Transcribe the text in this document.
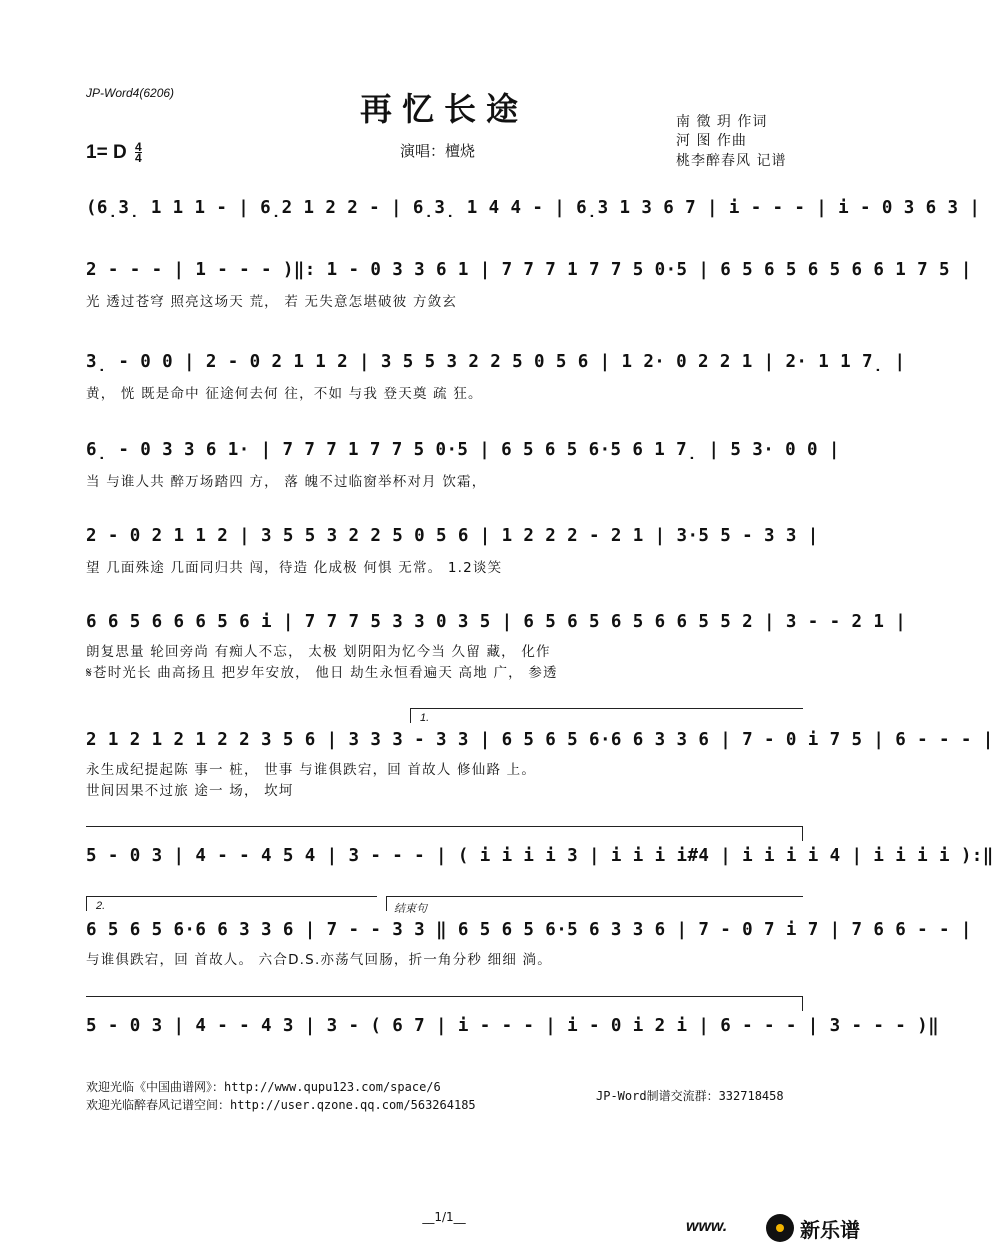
JP-Word4(6206)	再忆长途
1= D $\frac{4}{4}$	演唱：檀烧
南 徵 玥 作词
河 图 作曲
桃李醉春风 记谱
(6̣3̣ 1 1 1 - | 6̣2 1 2 2 - | 6̣3̣ 1 4 4 - | 6̣3 1 3 6 7 | i - - - | i - 0 3 6 3 |
2 - - - | 1 - - - )‖: 1 - 0 3 3 6 1 | 7 7 7 1 7 7 5 0·5 | 6 5 6 5 6 5 6 6 1 7 5 |
光 透过苍穹 照亮这场天 荒， 若 无失意怎堪破彼 方敛玄
3̣ - 0 0 | 2 - 0 2 1 1 2 | 3 5 5 3 2 2 5 0 5 6 | 1 2· 0 2 2 1 | 2· 1 1 7̣ |
黄， 恍 既是命中 征途何去何 往，不如 与我 登天奠 疏 狂。
6̣ - 0 3 3 6 1· | 7 7 7 1 7 7 5 0·5 | 6 5 6 5 6·5 6 1 7̣ | 5 3· 0 0 |
当 与谁人共 醉万场踏四 方， 落 魄不过临窗举杯对月 饮霜，
2 - 0 2 1 1 2 | 3 5 5 3 2 2 5 0 5 6 | 1 2 2 2 - 2 1 | 3·5 5 - 3 3 |
望 几面殊途 几面同归共 闯，待造 化成极 何惧 无常。 1.2谈笑
6 6 5 6 6 6 5 6 i | 7 7 7 5 3 3 0 3 5 | 6 5 6 5 6 5 6 6 5 5 2 | 3 - - 2 1 |
朗复思量 轮回旁尚 有痴人不忘， 太极 划阴阳为忆今当 久留 藏， 化作
𝄋苍时光长 曲高扬且 把岁年安放， 他日 劫生永恒看遍天 高地 广， 参透
1.
2 1 2 1 2 1 2 2 3 5 6 | 3 3 3 - 3 3 | 6 5 6 5 6·6 6 3 3 6 | 7 - 0 i 7 5 | 6 - - - |
永生成纪提起陈 事一 桩， 世事 与谁俱跌宕，回 首故人 修仙路 上。
世间因果不过旅 途一 场， 坎坷
5 - 0 3 | 4 - - 4 5 4 | 3 - - - | ( i i i i 3 | i i i i#4 | i i i i 4 | i i i i ):‖
2.	结束句
6 5 6 5 6·6 6 3 3 6 | 7 - - 3 3 ‖ 6 5 6 5 6·5 6 3 3 6 | 7 - 0 7 i 7 | 7 6 6 - - |
与谁俱跌宕，回 首故人。 六合D.S.亦荡气回肠，折一角分秒 细细 淌。
5 - 0 3 | 4 - - 4 3 | 3 - ( 6 7 | i - - - | i - 0 i 2 i | 6 - - - | 3 - - - )‖
欢迎光临《中国曲谱网》：http://www.qupu123.com/space/6
欢迎光临醉春风记谱空间：http://user.qzone.qq.com/563264185
JP-Word制谱交流群：332718458
__1/1__
www.	新乐谱
